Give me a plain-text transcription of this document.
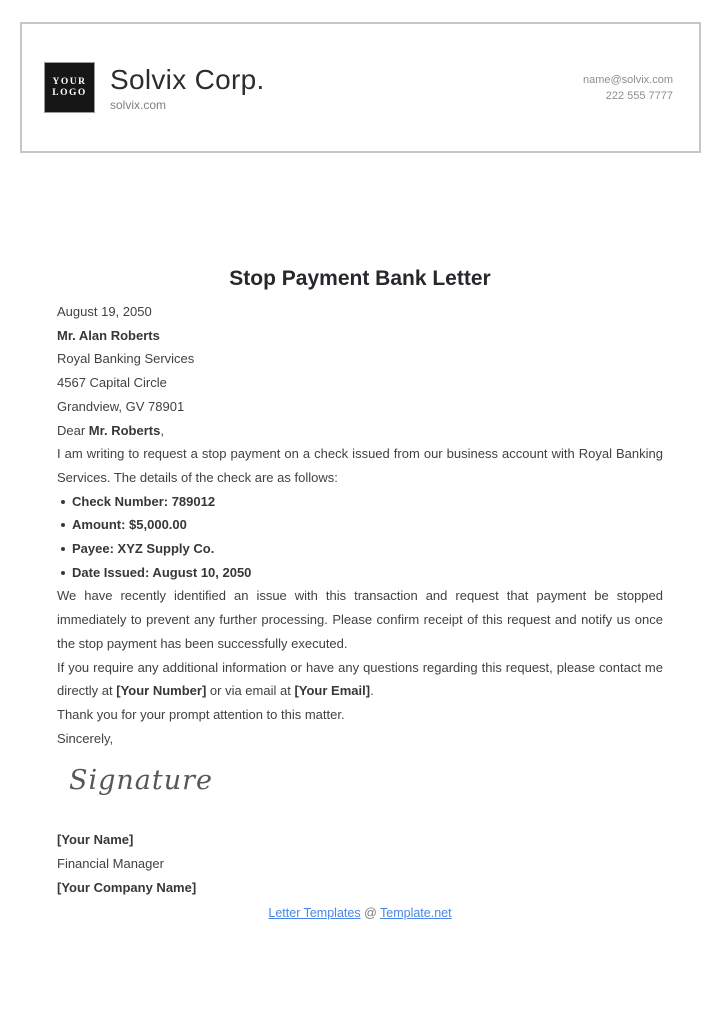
YOUR
LOGO Solvix Corp.
solvix.com
name@solvix.com
222 555 7777
Stop Payment Bank Letter
August 19, 2050
Mr. Alan Roberts
Royal Banking Services
4567 Capital Circle
Grandview, GV 78901
Dear Mr. Roberts,
I am writing to request a stop payment on a check issued from our business account with Royal Banking Services. The details of the check are as follows:
Check Number: 789012
Amount: $5,000.00
Payee: XYZ Supply Co.
Date Issued: August 10, 2050
We have recently identified an issue with this transaction and request that payment be stopped immediately to prevent any further processing. Please confirm receipt of this request and notify us once the stop payment has been successfully executed.
If you require any additional information or have any questions regarding this request, please contact me directly at [Your Number] or via email at [Your Email].
Thank you for your prompt attention to this matter.
Sincerely,
Signature
[Your Name]
Financial Manager
[Your Company Name]
Letter Templates @ Template.net
